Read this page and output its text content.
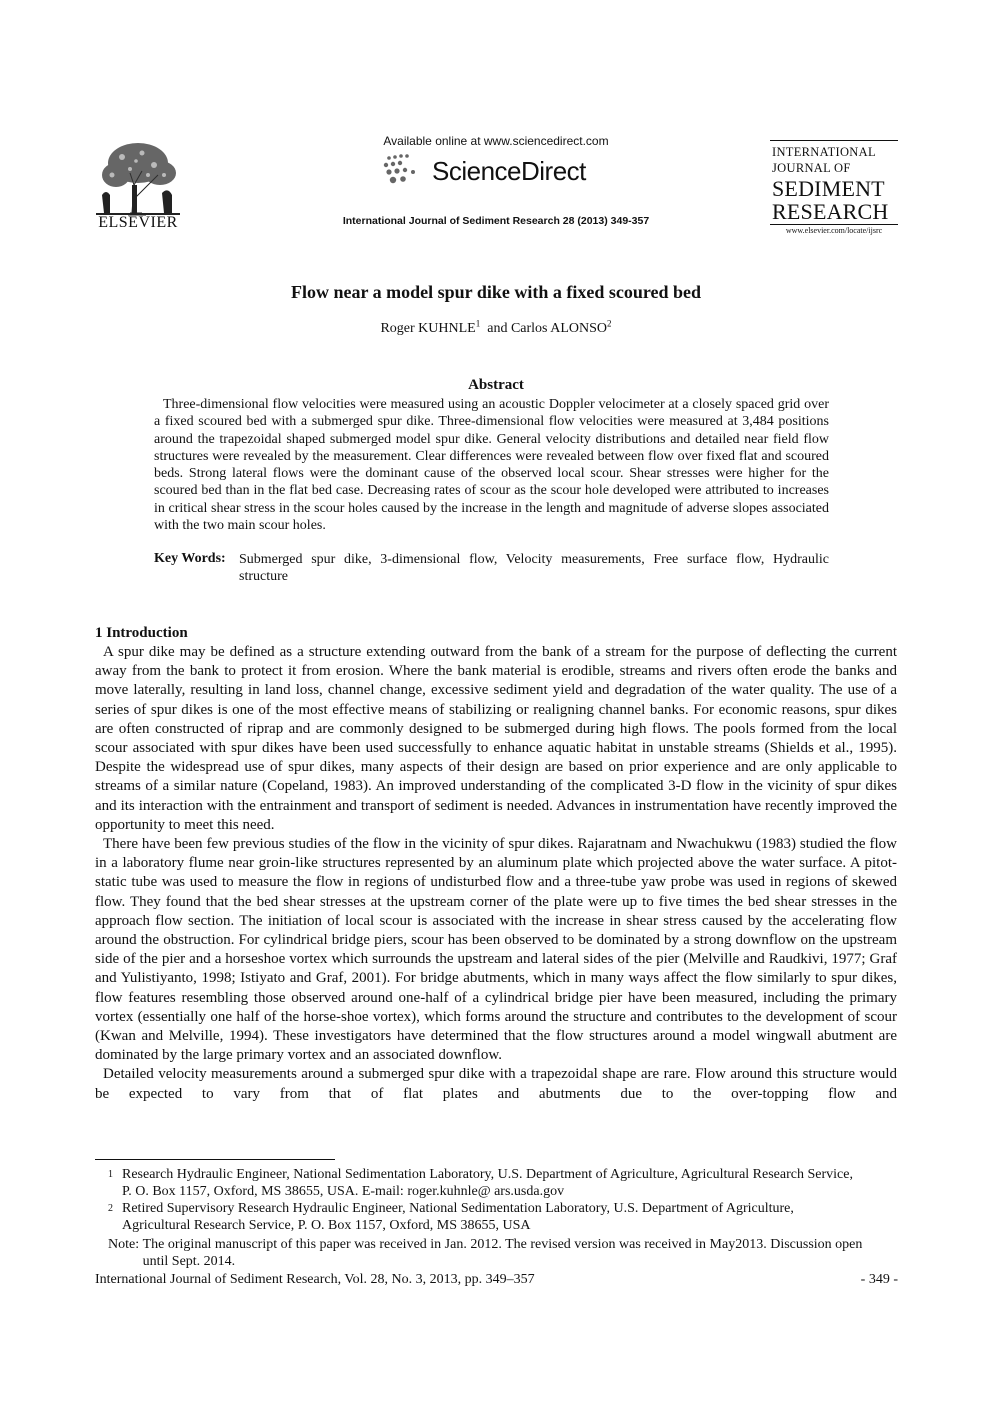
ELSEVIER
Available online at www.sciencedirect.com
ScienceDirect
International Journal of Sediment Research 28 (2013) 349-357
INTERNATIONAL
JOURNAL OF
SEDIMENT
RESEARCH
www.elsevier.com/locate/ijsrc
Flow near a model spur dike with a fixed scoured bed
Roger KUHNLE$^1$ and Carlos ALONSO$^2$
Abstract
Three-dimensional flow velocities were measured using an acoustic Doppler velocimeter at a closely spaced grid over a fixed scoured bed with a submerged spur dike. Three-dimensional flow velocities were measured at 3,484 positions around the trapezoidal shaped submerged model spur dike. General velocity distributions and detailed near field flow structures were revealed by the measurement. Clear differences were revealed between flow over fixed flat and scoured beds. Strong lateral flows were the dominant cause of the observed local scour. Shear stresses were higher for the scoured bed than in the flat bed case. Decreasing rates of scour as the scour hole developed were attributed to increases in critical shear stress in the scour holes caused by the increase in the length and magnitude of adverse slopes associated with the two main scour holes.
Key Words: Submerged spur dike, 3-dimensional flow, Velocity measurements, Free surface flow, Hydraulic structure
1 Introduction

A spur dike may be defined as a structure extending outward from the bank of a stream for the purpose of deflecting the current away from the bank to protect it from erosion. Where the bank material is erodible, streams and rivers often erode the banks and move laterally, resulting in land loss, channel change, excessive sediment yield and degradation of the water quality. The use of a series of spur dikes is one of the most effective means of stabilizing or realigning channel banks. For economic reasons, spur dikes are often constructed of riprap and are commonly designed to be submerged during high flows. The pools formed from the local scour associated with spur dikes have been used successfully to enhance aquatic habitat in unstable streams (Shields et al., 1995). Despite the widespread use of spur dikes, many aspects of their design are based on prior experience and are only applicable to streams of a similar nature (Copeland, 1983). An improved understanding of the complicated 3-D flow in the vicinity of spur dikes and its interaction with the entrainment and transport of sediment is needed. Advances in instrumentation have recently improved the opportunity to meet this need.

There have been few previous studies of the flow in the vicinity of spur dikes. Rajaratnam and Nwachukwu (1983) studied the flow in a laboratory flume near groin-like structures represented by an aluminum plate which projected above the water surface. A pitot-static tube was used to measure the flow in regions of undisturbed flow and a three-tube yaw probe was used in regions of skewed flow. They found that the bed shear stresses at the upstream corner of the plate were up to five times the bed shear stresses in the approach flow section. The initiation of local scour is associated with the increase in shear stress caused by the accelerating flow around the obstruction. For cylindrical bridge piers, scour has been observed to be dominated by a strong downflow on the upstream side of the pier and a horseshoe vortex which surrounds the upstream and lateral sides of the pier (Melville and Raudkivi, 1977; Graf and Yulistiyanto, 1998; Istiyato and Graf, 2001). For bridge abutments, which in many ways affect the flow similarly to spur dikes, flow features resembling those observed around one-half of a cylindrical bridge pier have been measured, including the primary vortex (essentially one half of the horse-shoe vortex), which forms around the structure and contributes to the development of scour (Kwan and Melville, 1994). These investigators have determined that the flow structures around a model wingwall abutment are dominated by the large primary vortex and an associated downflow.

Detailed velocity measurements around a submerged spur dike with a trapezoidal shape are rare. Flow around this structure would be expected to vary from that of flat plates and abutments due to the over-topping flow and

1 Research Hydraulic Engineer, National Sedimentation Laboratory, U.S. Department of Agriculture, Agricultural Research Service, P. O. Box 1157, Oxford, MS 38655, USA. E-mail: roger.kuhnle@ ars.usda.gov
2 Retired Supervisory Research Hydraulic Engineer, National Sedimentation Laboratory, U.S. Department of Agriculture, Agricultural Research Service, P. O. Box 1157, Oxford, MS 38655, USA
Note: The original manuscript of this paper was received in Jan. 2012. The revised version was received in May2013. Discussion open until Sept. 2014.
International Journal of Sediment Research, Vol. 28, No. 3, 2013, pp. 349–357	- 349 -
